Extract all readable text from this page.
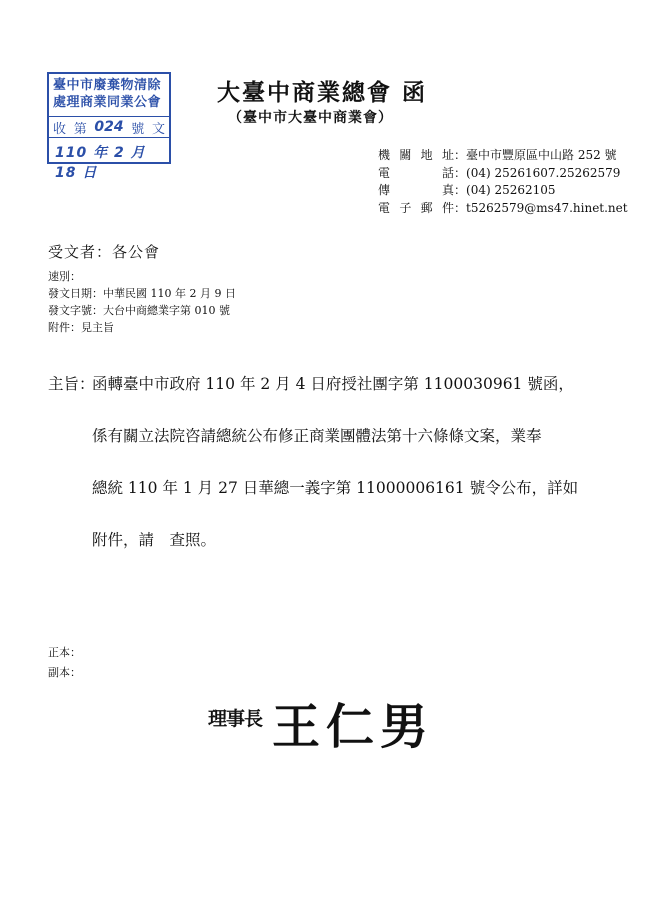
臺中市廢棄物清除
處理商業同業公會
收 第 024 號 文
110 年 2 月 18 日
大臺中商業總會 函
（臺中市大臺中商業會）
機關地址：臺中市豐原區中山路 252 號
電 話：(04) 25261607.25262579
傳 真：(04) 25262105
電子郵件：t5262579@ms47.hinet.net
受文者：各公會
速別：
發文日期：中華民國 110 年 2 月 9 日
發文字號：大台中商總業字第 010 號
附件：見主旨
主旨：
函轉臺中市政府 110 年 2 月 4 日府授社團字第 1100030961 號函，
係有關立法院咨請總統公布修正商業團體法第十六條條文案，業奉
總統 110 年 1 月 27 日華總一義字第 11000006161 號令公布，詳如
附件，請　查照。
正本：
副本：
理事長 王仁男
